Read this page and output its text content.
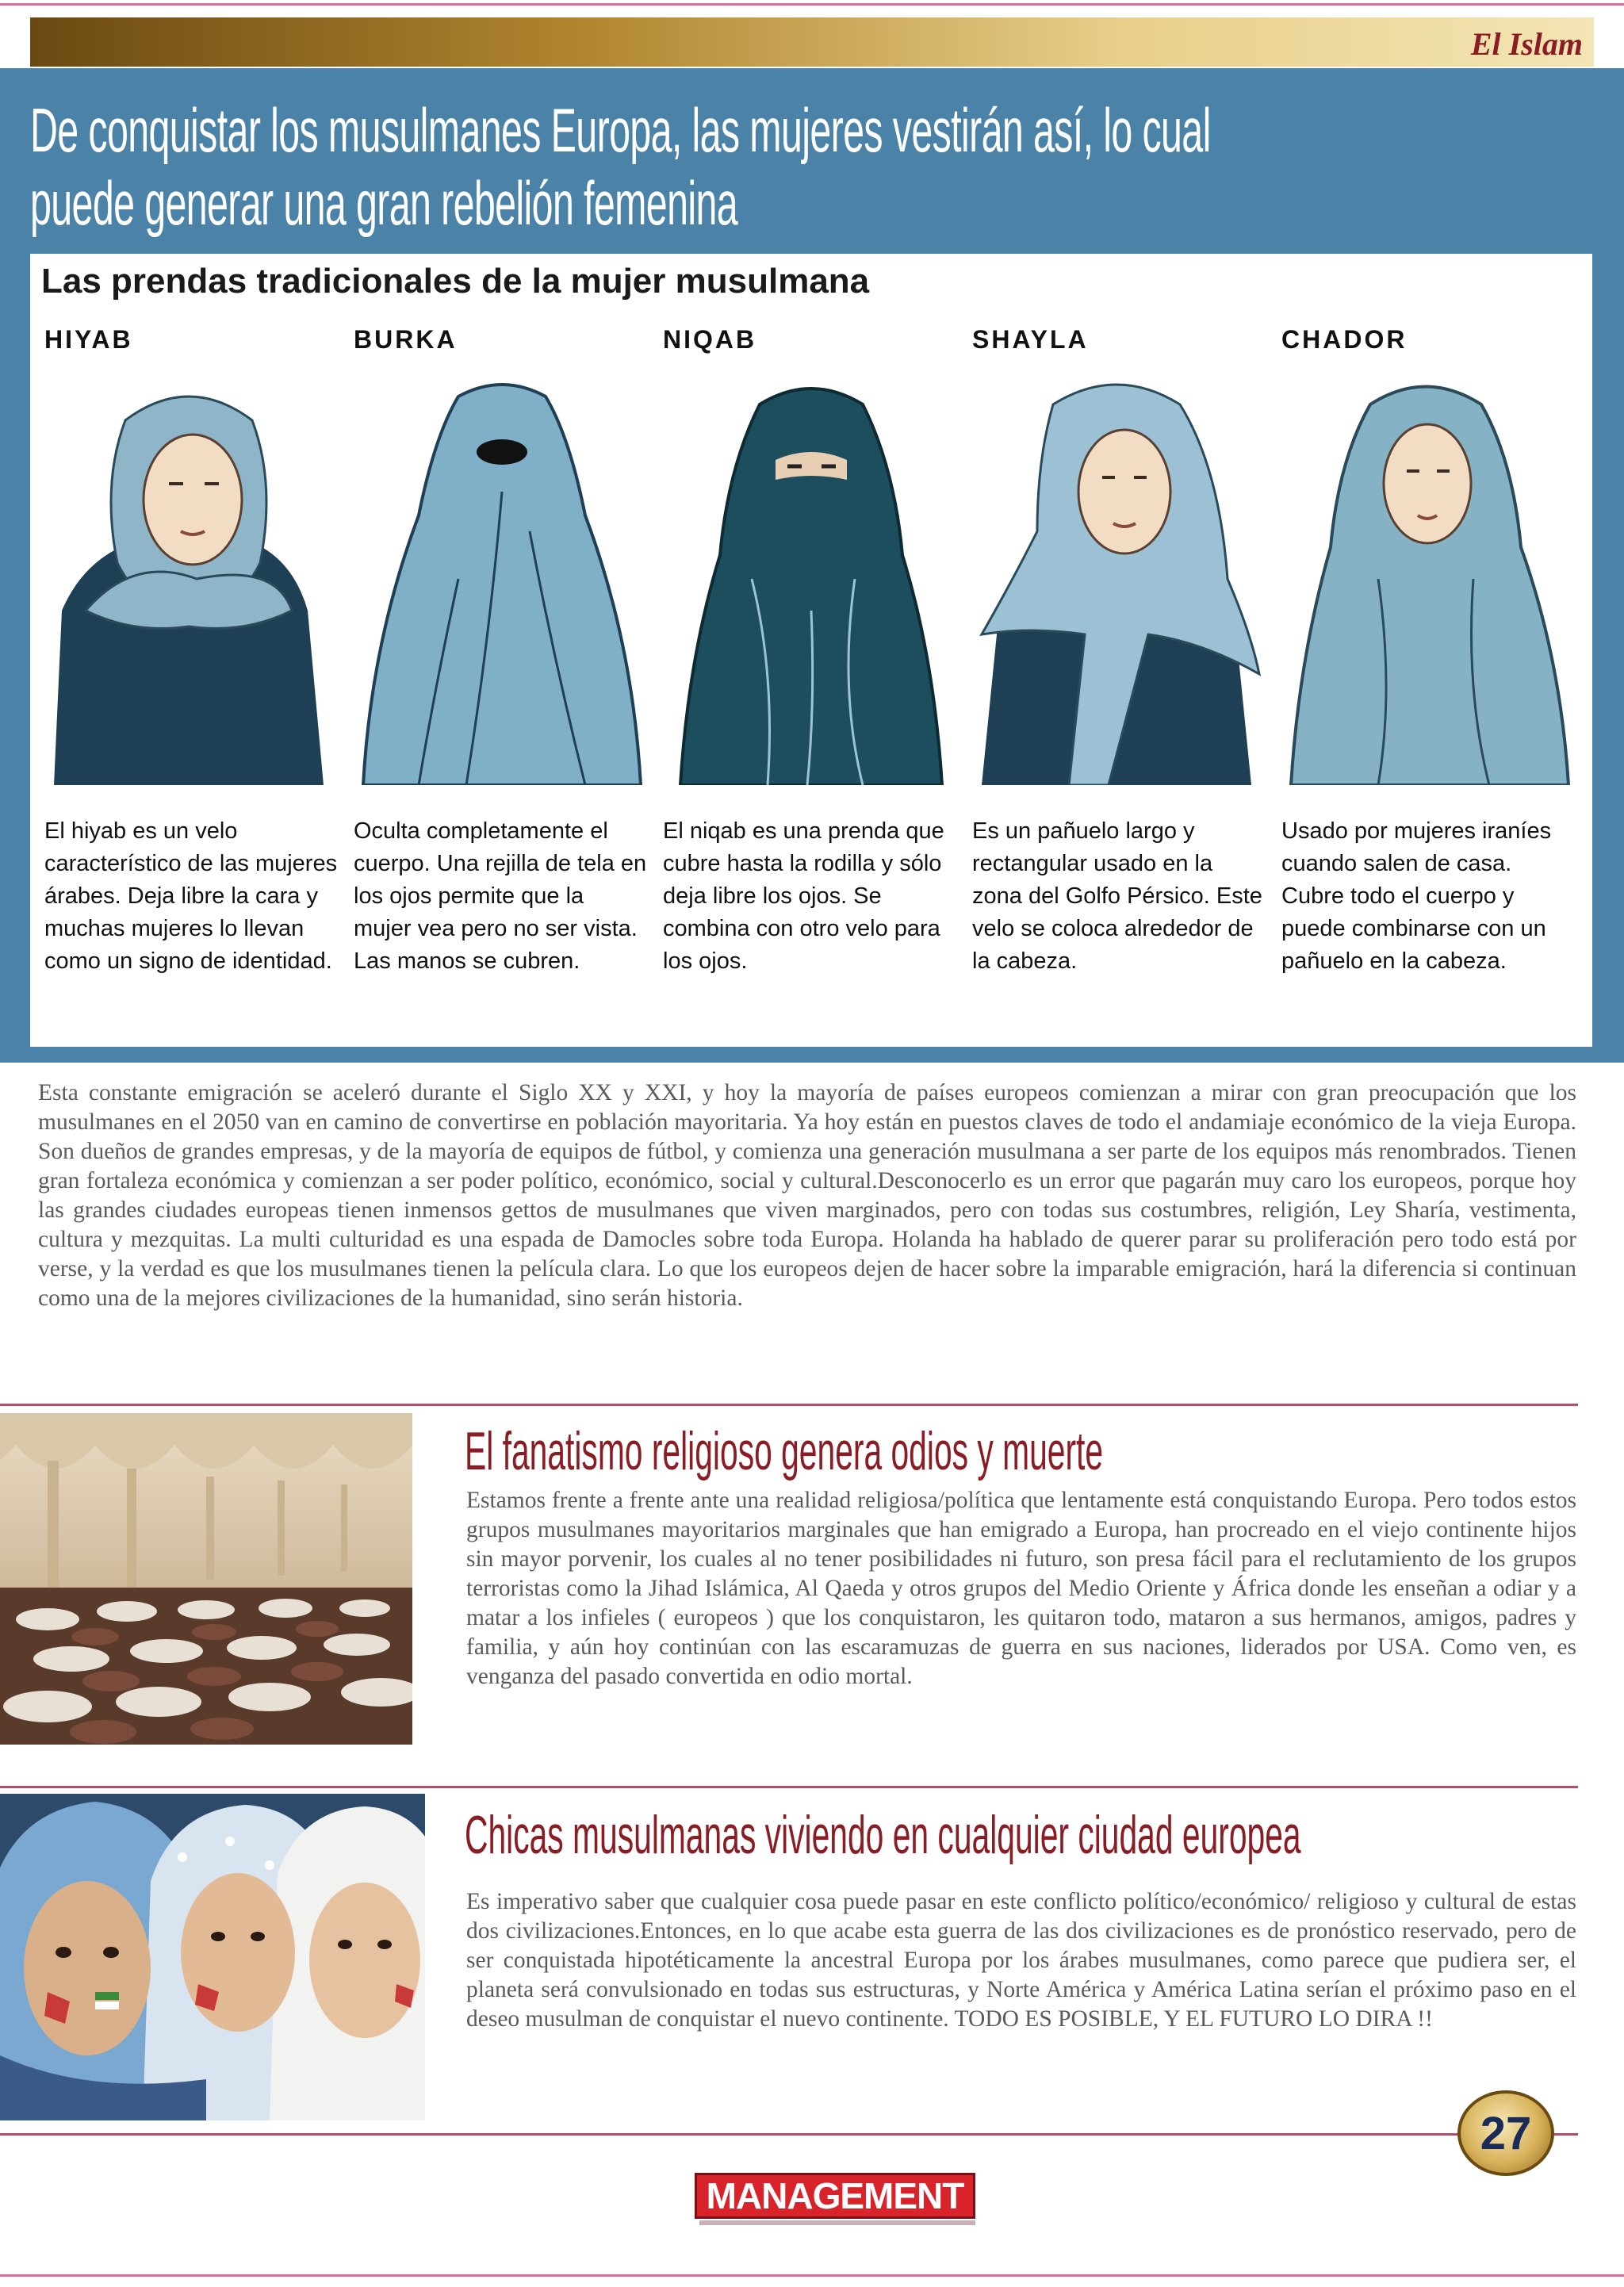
El Islam
De conquistar los musulmanes Europa, las mujeres vestirán así, lo cual
puede generar una gran rebelión femenina
Las prendas tradicionales de la mujer musulmana
HIYAB
El hiyab es un velo característico de las mujeres árabes. Deja libre la cara y muchas mujeres lo llevan como un signo de identidad.
BURKA
Oculta completamente el cuerpo. Una rejilla de tela en los ojos permite que la mujer vea pero no ser vista. Las manos se cubren.
NIQAB
El niqab es una prenda que cubre hasta la rodilla y sólo deja libre los ojos. Se combina con otro velo para los ojos.
SHAYLA
Es un pañuelo largo y rectangular usado en la zona del Golfo Pérsico. Este velo se coloca alrededor de la cabeza.
CHADOR
Usado por mujeres iraníes cuando salen de casa. Cubre todo el cuerpo y puede combinarse con un pañuelo en la cabeza.
Esta constante emigración se aceleró durante el Siglo XX y XXI, y hoy la mayoría de países europeos comienzan a mirar con gran preocupación que los musulmanes en el 2050 van en camino de convertirse en población mayoritaria. Ya hoy están en puestos claves de todo el andamiaje económico de la vieja Europa. Son dueños de grandes empresas, y de la mayoría de equipos de fútbol, y comienza una generación musulmana a ser parte de los equipos más renombrados. Tienen gran fortaleza económica y comienzan a ser poder político, económico, social y cultural.Desconocerlo es un error que pagarán muy caro los europeos, porque hoy las grandes ciudades europeas tienen inmensos gettos de musulmanes que viven marginados, pero con todas sus costumbres, religión, Ley Sharía, vestimenta, cultura y mezquitas. La multi culturidad es una espada de Damocles sobre toda Europa. Holanda ha hablado de querer parar su proliferación pero todo está por verse, y la verdad es que los musulmanes tienen la película clara. Lo que los europeos dejen de hacer sobre la imparable emigración, hará la diferencia si continuan como una de la mejores civilizaciones de la humanidad, sino serán historia.
El fanatismo religioso genera odios y muerte
Estamos frente a frente ante una realidad religiosa/política que lentamente está conquistando Europa. Pero todos estos grupos musulmanes mayoritarios marginales que han emigrado a Europa, han procreado en el viejo continente hijos sin mayor porvenir, los cuales al no tener posibilidades ni futuro, son presa fácil para el reclutamiento de los grupos terroristas como la Jihad Islámica, Al Qaeda y otros grupos del Medio Oriente y África donde les enseñan a odiar y a matar a los infieles ( europeos ) que los conquistaron, les quitaron todo, mataron a sus hermanos, amigos, padres y familia, y aún hoy continúan con las escaramuzas de guerra en sus naciones, liderados por USA. Como ven, es venganza del pasado convertida en odio mortal.
Chicas musulmanas viviendo en cualquier ciudad europea
Es imperativo saber que cualquier cosa puede pasar en este conflicto político/económico/ religioso y cultural de estas dos civilizaciones.Entonces, en lo que acabe esta guerra de las dos civilizaciones es de pronóstico reservado, pero de ser conquistada hipotéticamente la ancestral Europa por los árabes musulmanes, como parece que pudiera ser, el planeta será convulsionado en todas sus estructuras, y Norte América y América Latina serían el próximo paso en el deseo musulman de conquistar el nuevo continente. TODO ES POSIBLE, Y EL FUTURO LO DIRA !!
27
MANAGEMENT
